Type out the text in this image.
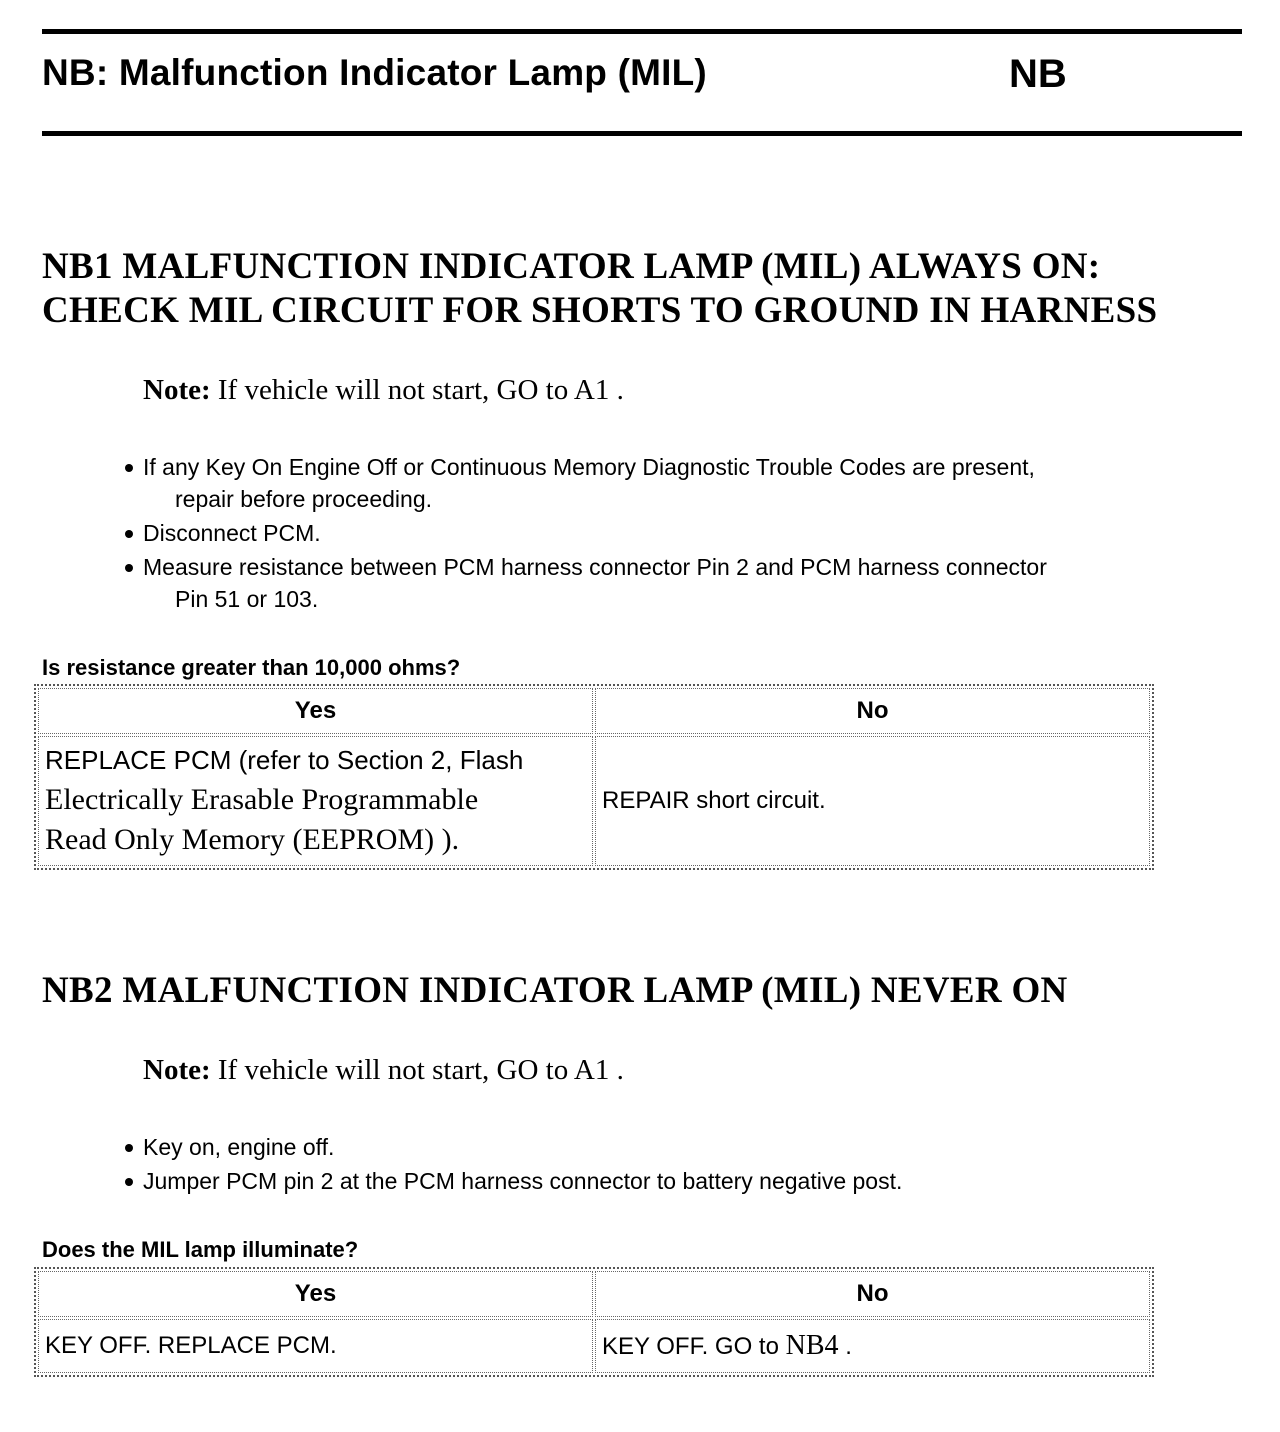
NB: Malfunction Indicator Lamp (MIL)	NB
NB1 MALFUNCTION INDICATOR LAMP (MIL) ALWAYS ON:
CHECK MIL CIRCUIT FOR SHORTS TO GROUND IN HARNESS
Note: If vehicle will not start, GO to A1 .
If any Key On Engine Off or Continuous Memory Diagnostic Trouble Codes are present,
repair before proceeding.
Disconnect PCM.
Measure resistance between PCM harness connector Pin 2 and PCM harness connector
Pin 51 or 103.
Is resistance greater than 10,000 ohms?
Yes	No
REPLACE PCM (refer to Section 2, Flash
Electrically Erasable Programmable
Read Only Memory (EEPROM) ).	REPAIR short circuit.
NB2 MALFUNCTION INDICATOR LAMP (MIL) NEVER ON
Note: If vehicle will not start, GO to A1 .
Key on, engine off.
Jumper PCM pin 2 at the PCM harness connector to battery negative post.
Does the MIL lamp illuminate?
Yes	No
KEY OFF. REPLACE PCM.	KEY OFF. GO to NB4 .
